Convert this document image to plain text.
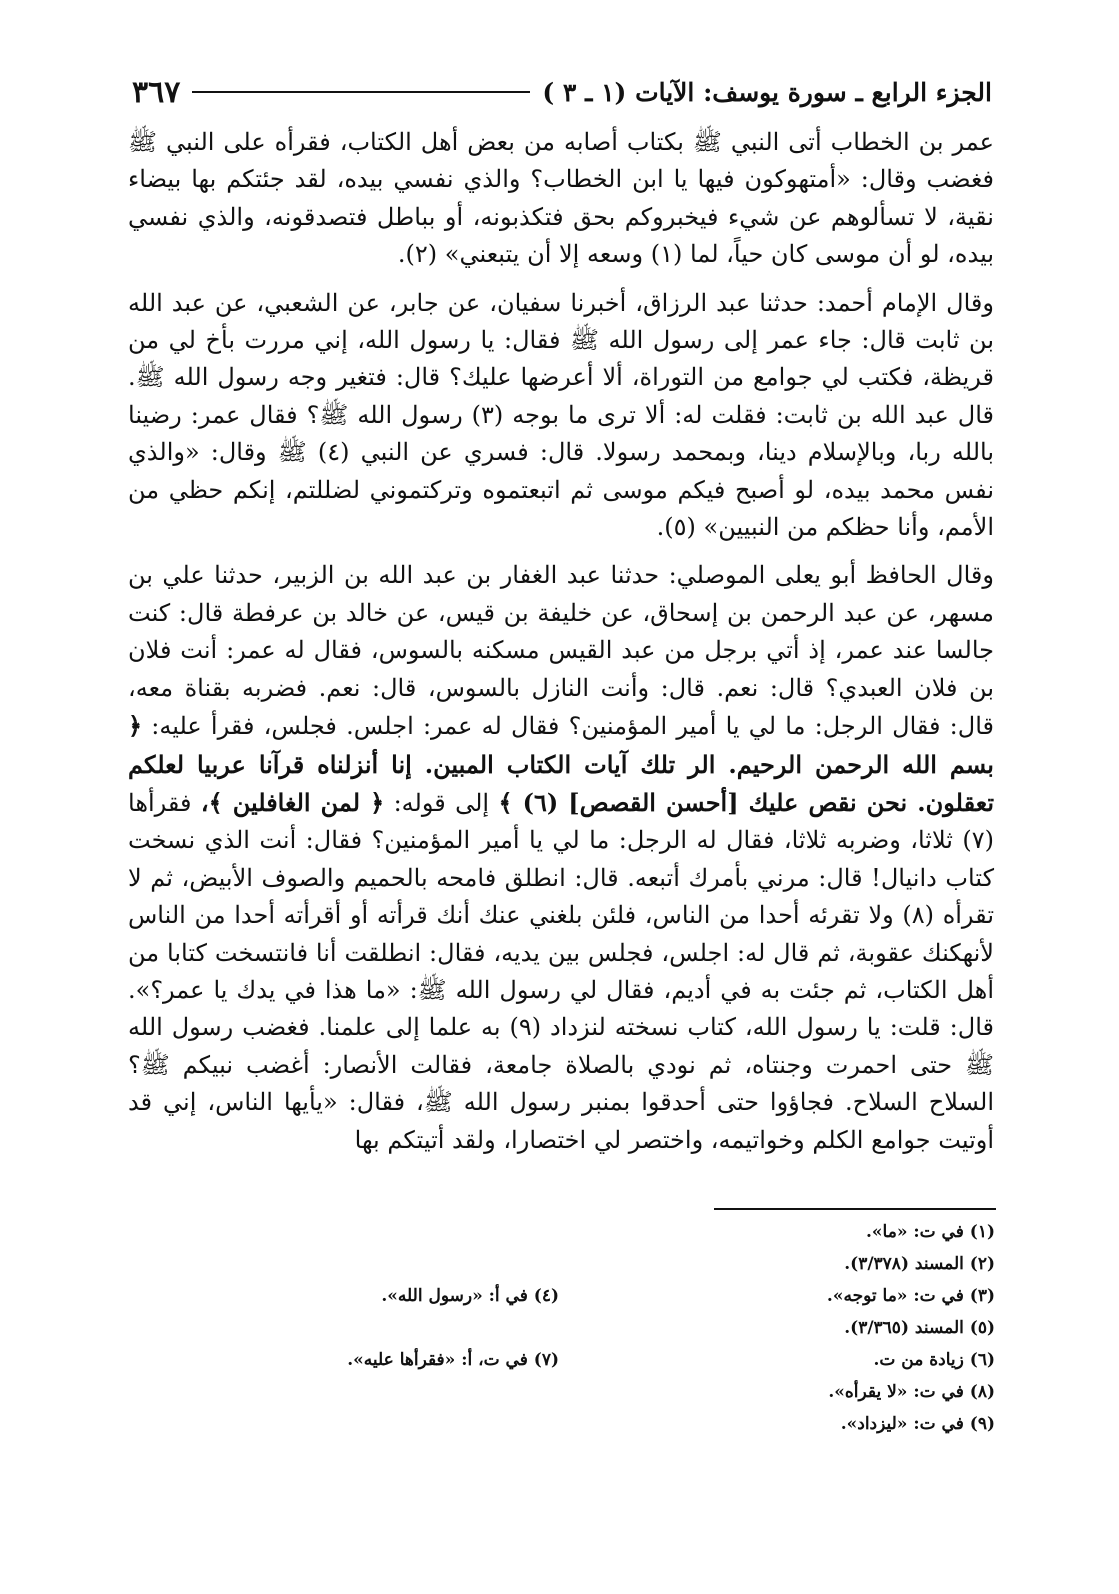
الجزء الرابع ـ سورة يوسف: الآيات (١ ـ ٣ )
٣٦٧

عمر بن الخطاب أتى النبي ﷺ بكتاب أصابه من بعض أهل الكتاب، فقرأه على النبي ﷺ فغضب وقال: «أمتهوكون فيها يا ابن الخطاب؟ والذي نفسي بيده، لقد جئتكم بها بيضاء نقية، لا تسألوهم عن شيء فيخبروكم بحق فتكذبونه، أو بباطل فتصدقونه، والذي نفسي بيده، لو أن موسى كان حياً، لما (١) وسعه إلا أن يتبعني» (٢).

وقال الإمام أحمد: حدثنا عبد الرزاق، أخبرنا سفيان، عن جابر، عن الشعبي، عن عبد الله بن ثابت قال: جاء عمر إلى رسول الله ﷺ فقال: يا رسول الله، إني مررت بأخ لي من قريظة، فكتب لي جوامع من التوراة، ألا أعرضها عليك؟ قال: فتغير وجه رسول الله ﷺ. قال عبد الله بن ثابت: فقلت له: ألا ترى ما بوجه (٣) رسول الله ﷺ؟ فقال عمر: رضينا بالله ربا، وبالإسلام دينا، وبمحمد رسولا. قال: فسري عن النبي (٤) ﷺ وقال: «والذي نفس محمد بيده، لو أصبح فيكم موسى ثم اتبعتموه وتركتموني لضللتم، إنكم حظي من الأمم، وأنا حظكم من النبيين» (٥).

وقال الحافظ أبو يعلى الموصلي: حدثنا عبد الغفار بن عبد الله بن الزبير، حدثنا علي بن مسهر، عن عبد الرحمن بن إسحاق، عن خليفة بن قيس، عن خالد بن عرفطة قال: كنت جالسا عند عمر، إذ أتي برجل من عبد القيس مسكنه بالسوس، فقال له عمر: أنت فلان بن فلان العبدي؟ قال: نعم. قال: وأنت النازل بالسوس، قال: نعم. فضربه بقناة معه، قال: فقال الرجل: ما لي يا أمير المؤمنين؟ فقال له عمر: اجلس. فجلس، فقرأ عليه: ﴿ بسم الله الرحمن الرحيم. الر تلك آيات الكتاب المبين. إنا أنزلناه قرآنا عربيا لعلكم تعقلون. نحن نقص عليك [أحسن القصص] (٦) ﴾ إلى قوله: ﴿ لمن الغافلين ﴾، فقرأها (٧) ثلاثا، وضربه ثلاثا، فقال له الرجل: ما لي يا أمير المؤمنين؟ فقال: أنت الذي نسخت كتاب دانيال! قال: مرني بأمرك أتبعه. قال: انطلق فامحه بالحميم والصوف الأبيض، ثم لا تقرأه (٨) ولا تقرئه أحدا من الناس، فلئن بلغني عنك أنك قرأته أو أقرأته أحدا من الناس لأنهكنك عقوبة، ثم قال له: اجلس، فجلس بين يديه، فقال: انطلقت أنا فانتسخت كتابا من أهل الكتاب، ثم جئت به في أديم، فقال لي رسول الله ﷺ: «ما هذا في يدك يا عمر؟». قال: قلت: يا رسول الله، كتاب نسخته لنزداد (٩) به علما إلى علمنا. فغضب رسول الله ﷺ حتى احمرت وجنتاه، ثم نودي بالصلاة جامعة، فقالت الأنصار: أغضب نبيكم ﷺ؟ السلاح السلاح. فجاؤوا حتى أحدقوا بمنبر رسول الله ﷺ، فقال: «يأيها الناس، إني قد أوتيت جوامع الكلم وخواتيمه، واختصر لي اختصارا، ولقد أتيتكم بها

(١) في ت: «ما».
(٢) المسند (٣/٣٧٨).
(٣) في ت: «ما توجه».
(٤) في أ: «رسول الله».
(٥) المسند (٣/٣٦٥).
(٦) زيادة من ت.
(٧) في ت، أ: «فقرأها عليه».
(٨) في ت: «لا يقرأه».
(٩) في ت: «ليزداد».
